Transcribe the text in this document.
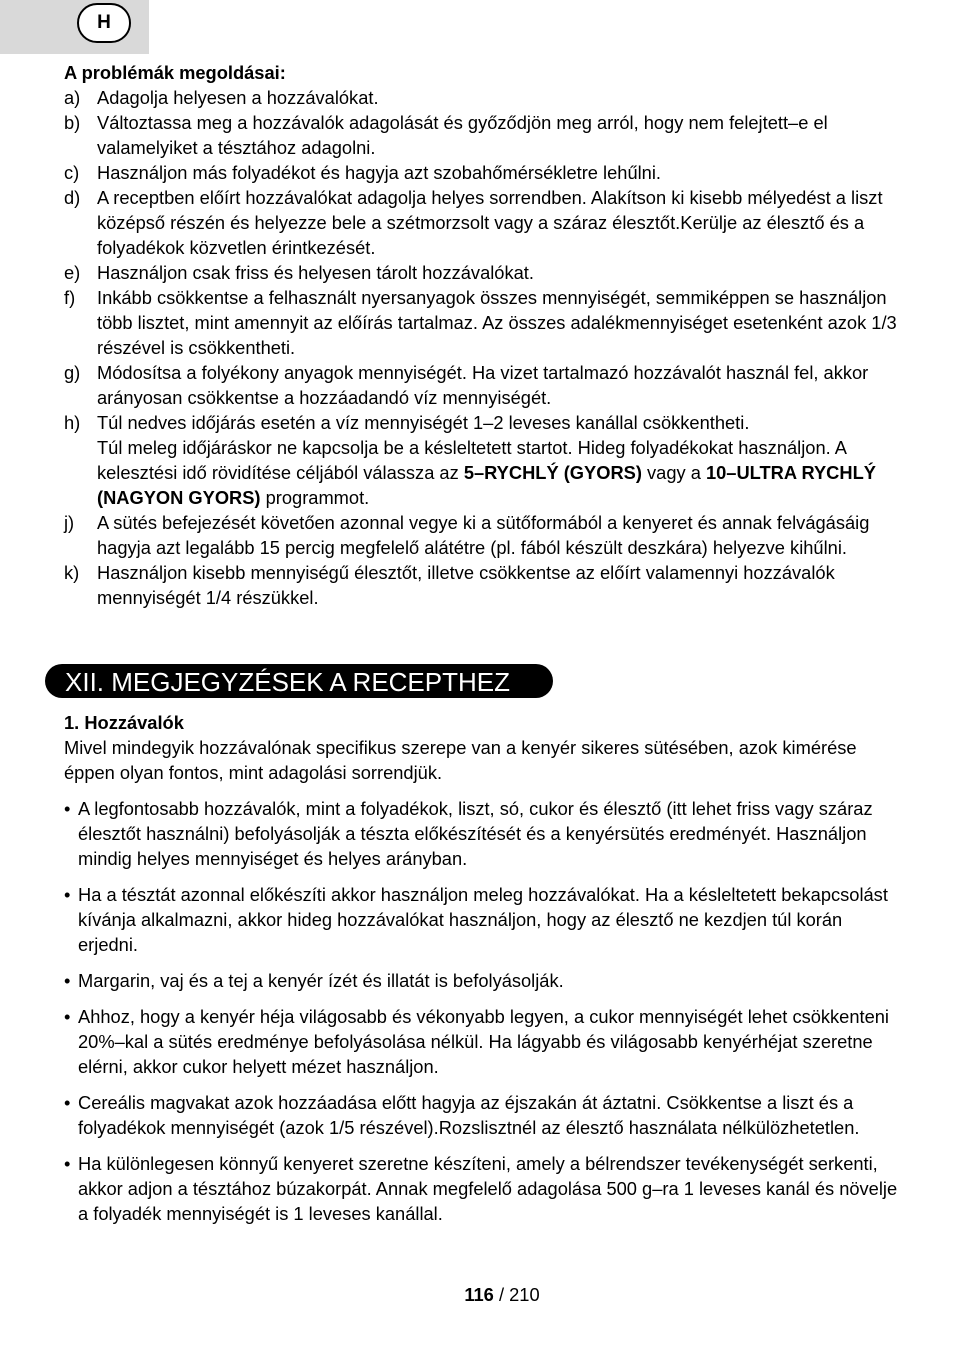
H
A problémák megoldásai:
a) Adagolja helyesen a hozzávalókat.
b) Változtassa meg a hozzávalók adagolását és győződjön meg arról, hogy nem felejtett–e el valamelyiket a tésztához adagolni.
c) Használjon más folyadékot és hagyja azt szobahőmérsékletre lehűlni.
d) A receptben előírt hozzávalókat adagolja helyes sorrendben. Alakítson ki kisebb mélyedést a liszt középső részén és helyezze bele a szétmorzsolt vagy a száraz élesztőt.Kerülje az élesztő és a folyadékok közvetlen érintkezését.
e) Használjon csak friss és helyesen tárolt hozzávalókat.
f) Inkább csökkentse a felhasznált nyersanyagok összes mennyiségét, semmiképpen se használjon több lisztet, mint amennyit az előírás tartalmaz. Az összes adalékmennyiséget esetenként azok 1/3 részével is csökkentheti.
g) Módosítsa a folyékony anyagok mennyiségét. Ha vizet tartalmazó hozzávalót használ fel, akkor arányosan csökkentse a hozzáadandó víz mennyiségét.
h) Túl nedves időjárás esetén a víz mennyiségét 1–2 leveses kanállal csökkentheti.
Túl meleg időjáráskor ne kapcsolja be a késleltetett startot. Hideg folyadékokat használjon. A kelesztési idő rövidítése céljából válassza az 5–RYCHLÝ (GYORS) vagy a 10–ULTRA RYCHLÝ (NAGYON GYORS) programmot.
j) A sütés befejezését követően azonnal vegye ki a sütőformából a kenyeret és annak felvágásáig hagyja azt legalább 15 percig megfelelő alátétre (pl. fából készült deszkára) helyezve kihűlni.
k) Használjon kisebb mennyiségű élesztőt, illetve csökkentse az előírt valamennyi hozzávalók mennyiségét 1/4 részükkel.
XII. MEGJEGYZÉSEK A RECEPTHEZ
1. Hozzávalók

Mivel mindegyik hozzávalónak specifikus szerepe van a kenyér sikeres sütésében, azok kimérése éppen olyan fontos, mint adagolási sorrendjük.

• A legfontosabb hozzávalók, mint a folyadékok, liszt, só, cukor és élesztő (itt lehet friss vagy száraz élesztőt használni) befolyásolják a tészta előkészítését és a kenyérsütés eredményét. Használjon mindig helyes mennyiséget és helyes arányban.
• Ha a tésztát azonnal előkészíti akkor használjon meleg hozzávalókat. Ha a késleltetett bekapcsolást kívánja alkalmazni, akkor hideg hozzávalókat használjon, hogy az élesztő ne kezdjen túl korán erjedni.
• Margarin, vaj és a tej a kenyér ízét és illatát is befolyásolják.
• Ahhoz, hogy a kenyér héja világosabb és vékonyabb legyen, a cukor mennyiségét lehet csökkenteni 20%–kal a sütés eredménye befolyásolása nélkül. Ha lágyabb és világosabb kenyérhéjat szeretne elérni, akkor cukor helyett mézet használjon.
• Cereális magvakat azok hozzáadása előtt hagyja az éjszakán át áztatni. Csökkentse a liszt és a folyadékok mennyiségét (azok 1/5 részével).Rozslisztnél az élesztő használata nélkülözhetetlen.
• Ha különlegesen könnyű kenyeret szeretne készíteni, amely a bélrendszer tevékenységét serkenti, akkor adjon a tésztához búzakorpát. Annak megfelelő adagolása 500 g–ra 1 leveses kanál és növelje a folyadék mennyiségét is 1 leveses kanállal.
116 / 210
